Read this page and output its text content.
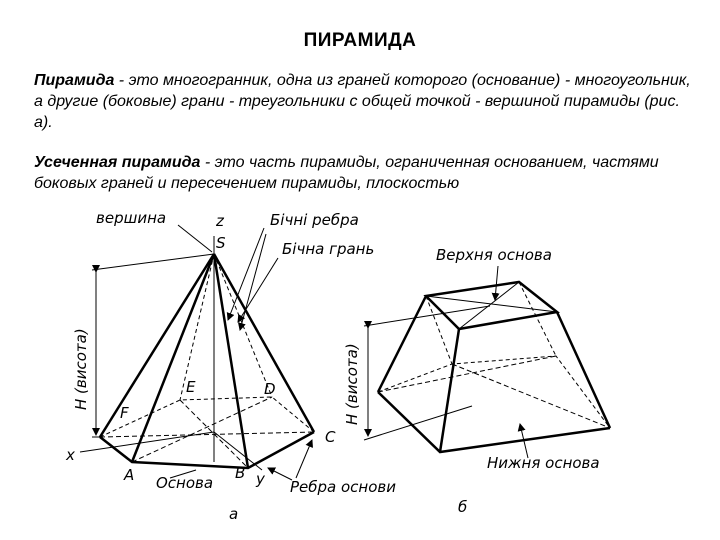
ПИРАМИДА
Пирамида - это многогранник, одна из граней которого (основание) - многоугольник, а другие (боковые) грани - треугольники с общей точкой - вершиной пирамиды (рис. а).
Усеченная пирамида - это часть пирамиды, ограниченная основанием, частями боковых граней и пересечением пирамиды, плоскостью
вершина	Бічні ребра
Бічна грань
z
S
E	D
F
C
A	B y
x
Основа	Ребра основи
H (висота)
а
Верхня основа
Нижня основа
H (висота)
б
